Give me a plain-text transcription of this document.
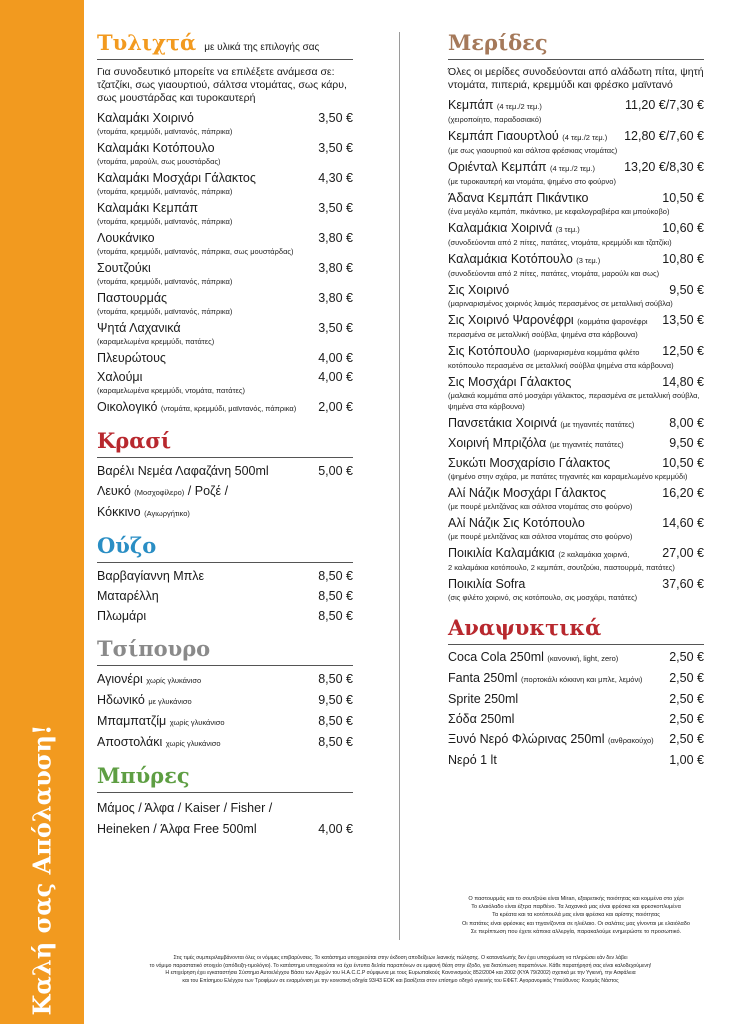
Καλή σας Απόλαυση!
Τυλιχτά με υλικά της επιλογής σας
Για συνοδευτικό μπορείτε να επιλέξετε ανάμεσα σε: τζατζίκι, σως γιαουρτιού, σάλτσα ντομάτας, σως κάρυ, σως μουστάρδας και τυροκαυτερή
Καλαμάκι Χοιρινό	3,50 €
(ντομάτα, κρεμμύδι, μαϊντανός, πάπρικα)
Καλαμάκι Κοτόπουλο	3,50 €
(ντομάτα, μαρούλι, σως μουστάρδας)
Καλαμάκι Μοσχάρι Γάλακτος	4,30 €
(ντομάτα, κρεμμύδι, μαϊντανός, πάπρικα)
Καλαμάκι Κεμπάπ	3,50 €
(ντομάτα, κρεμμύδι, μαϊντανός, πάπρικα)
Λουκάνικο	3,80 €
(ντομάτα, κρεμμύδι, μαϊντανός, πάπρικα, σως μουστάρδας)
Σουτζούκι	3,80 €
(ντομάτα, κρεμμύδι, μαϊντανός, πάπρικα)
Παστουρμάς	3,80 €
(ντομάτα, κρεμμύδι, μαϊντανός, πάπρικα)
Ψητά Λαχανικά	3,50 €
(καραμελωμένα κρεμμύδι, πατάτες)
Πλευρώτους	4,00 €
Χαλούμι	4,00 €
(καραμελωμένα κρεμμύδι, ντομάτα, πατάτες)
Οικολογικό (ντομάτα, κρεμμύδι, μαϊντανός, πάπρικα)	2,00 €
Κρασί
Βαρέλι Νεμέα Λαφαζάνη 500ml	5,00 €
Λευκό (Μοσχοφίλερο) / Ροζέ /
Κόκκινο (Αγιωργήτικο)
Ούζο
Βαρβαγίαννη Μπλε	8,50 €
Ματαρέλλη	8,50 €
Πλωμάρι	8,50 €
Τσίπουρο
Αγιονέρι χωρίς γλυκάνισο	8,50 €
Ηδωνικό με γλυκάνισο	9,50 €
Μπαμπατζίμ χωρίς γλυκάνισο	8,50 €
Αποστολάκι χωρίς γλυκάνισο	8,50 €
Μπύρες
Μάμος / Άλφα / Kaiser / Fisher /
Heineken / Άλφα Free 500ml	4,00 €
Μερίδες
Όλες οι μερίδες συνοδεύονται από αλάδωτη πίτα, ψητή ντομάτα, πιπεριά, κρεμμύδι και φρέσκο μαϊντανό
Κεμπάπ (4 τεμ./2 τεμ.)	11,20 €/7,30 €
(χειροποίητο, παραδοσιακό)
Κεμπάπ Γιαουρτλού (4 τεμ./2 τεμ.)	12,80 €/7,60 €
(με σως γιαουρτιού και σάλτσα φρέσκιας ντομάτας)
Οριένταλ Κεμπάπ (4 τεμ./2 τεμ.)	13,20 €/8,30 €
(με τυροκαυτερή και ντομάτα, ψημένο στο φούρνο)
Άδανα Κεμπάπ Πικάντικο	10,50 €
(ένα μεγάλο κεμπάπ, πικάντικο, με κεφαλογραβιέρα και μπούκοβο)
Καλαμάκια Χοιρινά (3 τεμ.)	10,60 €
(συνοδεύονται από 2 πίτες, πατάτες, ντομάτα, κρεμμύδι και τζατζίκι)
Καλαμάκια Κοτόπουλο (3 τεμ.)	10,80 €
(συνοδεύονται από 2 πίτες, πατάτες, ντομάτα, μαρούλι και σως)
Σις Χοιρινό	9,50 €
(μαριναρισμένος χοιρινός λαιμός περασμένος σε μεταλλική σούβλα)
Σις Χοιρινό Ψαρονέφρι (κομμάτια ψαρονέφρι	13,50 €
περασμένα σε μεταλλική σούβλα, ψημένα στα κάρβουνα)
Σις Κοτόπουλο (μαριναρισμένα κομμάτια φιλέτο	12,50 €
κοτόπουλο περασμένα σε μεταλλική σούβλα ψημένα στα κάρβουνα)
Σις Μοσχάρι Γάλακτος	14,80 €
(μαλακά κομμάτια από μοσχάρι γάλακτος, περασμένα σε μεταλλική σούβλα, ψημένα στα κάρβουνα)
Πανσετάκια Χοιρινά (με τηγανιτές πατάτες)	8,00 €
Χοιρινή Μπριζόλα (με τηγανιτές πατάτες)	9,50 €
Συκώτι Μοσχαρίσιο Γάλακτος	10,50 €
(ψημένο στην σχάρα, με πατάτες τηγανιτές και καραμελωμένο κρεμμύδι)
Αλί Νάζικ Μοσχάρι Γάλακτος	16,20 €
(με πουρέ μελιτζάνας και σάλτσα ντομάτας στο φούρνο)
Αλί Νάζικ Σις Κοτόπουλο	14,60 €
(με πουρέ μελιτζάνας και σάλτσα ντομάτας στο φούρνο)
Ποικιλία Καλαμάκια (2 καλαμάκια χοιρινά,	27,00 €
2 καλαμάκια κοτόπουλο, 2 κεμπάπ, σουτζούκι, παστουρμά, πατάτες)
Ποικιλία Sofra	37,60 €
(σις φιλέτο χοιρινό, σις κοτόπουλο, σις μοσχάρι, πατάτες)
Αναψυκτικά
Coca Cola 250ml (κανονική, light, zero)	2,50 €
Fanta 250ml (πορτοκάλι κόκκινη και μπλε, λεμόνι)	2,50 €
Sprite 250ml	2,50 €
Σόδα 250ml	2,50 €
Ξυνό Νερό Φλώρινας 250ml (ανθρακούχο)	2,50 €
Νερό 1 lt	1,00 €
Ο παστουρμάς και το σουτζούκι είναι Miran, εξαιρετικής ποιότητας και κομμένα στο χέρι
Το ελαιόλαδο είναι έξτρα παρθένο. Τα λαχανικά μας είναι φρέσκα και φρεσκοπλυμένα
Τα κρέατα και τα κοτόπουλά μας είναι φρέσκα και αρίστης ποιότητας
Οι πατάτες είναι φρέσκιες και τηγανίζονται σε ηλιέλαιο. Οι σαλάτες μας γίνονται με ελαιόλαδο
Σε περίπτωση που έχετε κάποια αλλεργία, παρακαλούμε ενημερώστε το προσωπικό.
Στις τιμές συμπεριλαμβάνονται όλες οι νόμιμες επιβαρύνσεις. Το κατάστημα υποχρεούται στην έκδοση αποδείξεων λιανικής πώλησης. Ο καταναλωτής δεν έχει υποχρέωση να πληρώσει εάν δεν λάβει
το νόμιμο παραστατικό στοιχείο (απόδειξη-τιμολόγιο). Το κατάστημα υποχρεούται να έχει έντυπα δελτία παραπόνων σε εμφανή θέση στην έξοδο, για διατύπωση παραπόνων. Κάθε παρατήρησή σας είναι καλοδεχούμενη!
Η επιχείρηση έχει εγκαταστήσει Σύστημα Αυτοελέγχου Βάσει των Αρχών του H.A.C.C.P σύμφωνα με τους Ευρωπαϊκούς Κανονισμούς 852/2004 και 2002 (ΚΥΑ 79/2002) σχετικά με την Υγιεινή, την Ασφάλεια
και του Επίσημου Ελέγχου των Τροφίμων σε εναρμόνιση με την κοινοτική οδηγία 93/43 ΕΟΚ και βασίζεται στον επίσημο οδηγό υγιεινής του ΕΦΕΤ. Αγορανομικός Υπεύθυνος: Κοσμάς Νάστος
